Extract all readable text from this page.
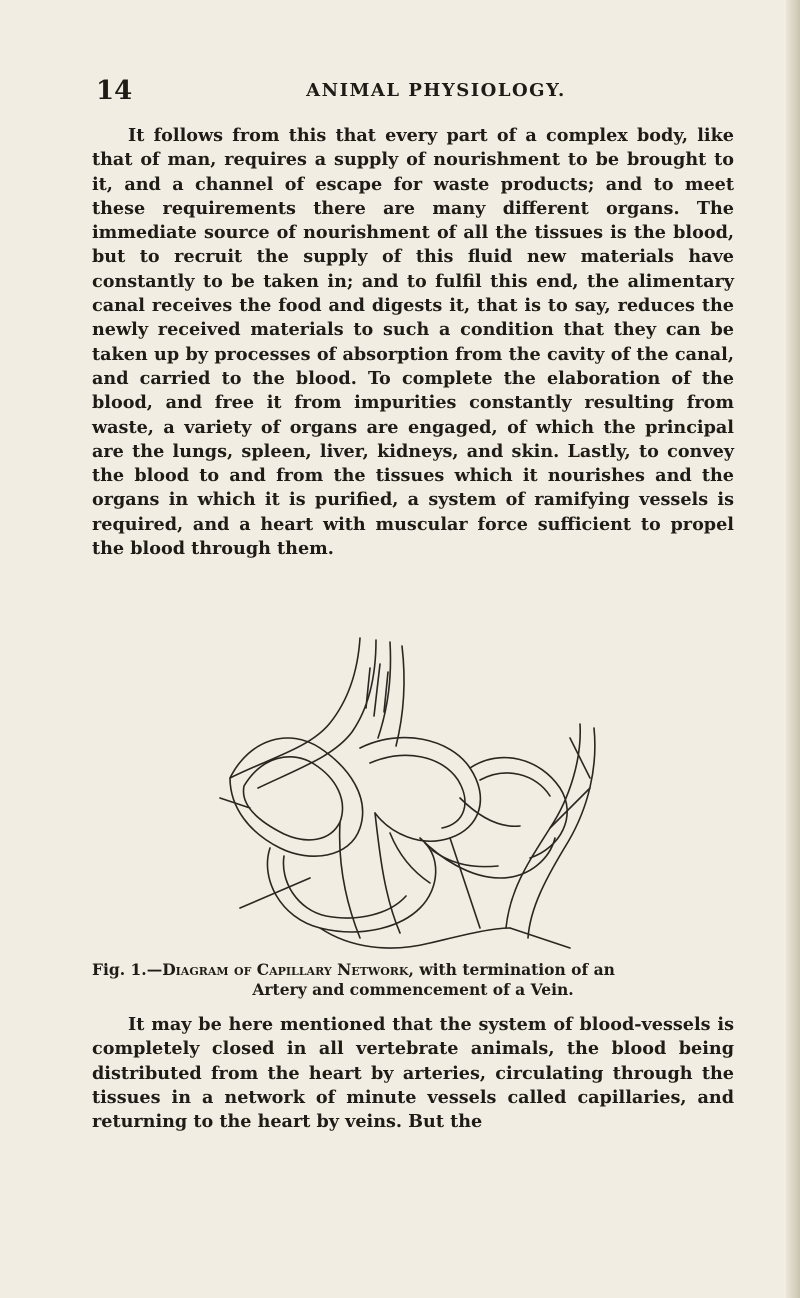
14	ANIMAL PHYSIOLOGY.

It follows from this that every part of a complex body, like that of man, requires a supply of nourishment to be brought to it, and a channel of escape for waste products; and to meet these requirements there are many different organs. The immediate source of nourishment of all the tissues is the blood, but to recruit the supply of this fluid new materials have constantly to be taken in; and to fulfil this end, the alimentary canal receives the food and digests it, that is to say, reduces the newly received materials to such a condition that they can be taken up by processes of absorption from the cavity of the canal, and carried to the blood. To complete the elaboration of the blood, and free it from impurities constantly resulting from waste, a variety of organs are engaged, of which the principal are the lungs, spleen, liver, kidneys, and skin. Lastly, to convey the blood to and from the tissues which it nourishes and the organs in which it is purified, a system of ramifying vessels is required, and a heart with muscular force sufficient to propel the blood through them.

Fig. 1.—Diagram of Capillary Network, with termination of an
Artery and commencement of a Vein.

It may be here mentioned that the system of blood-vessels is completely closed in all vertebrate animals, the blood being distributed from the heart by arteries, circulating through the tissues in a network of minute vessels called capillaries, and returning to the heart by veins. But the
